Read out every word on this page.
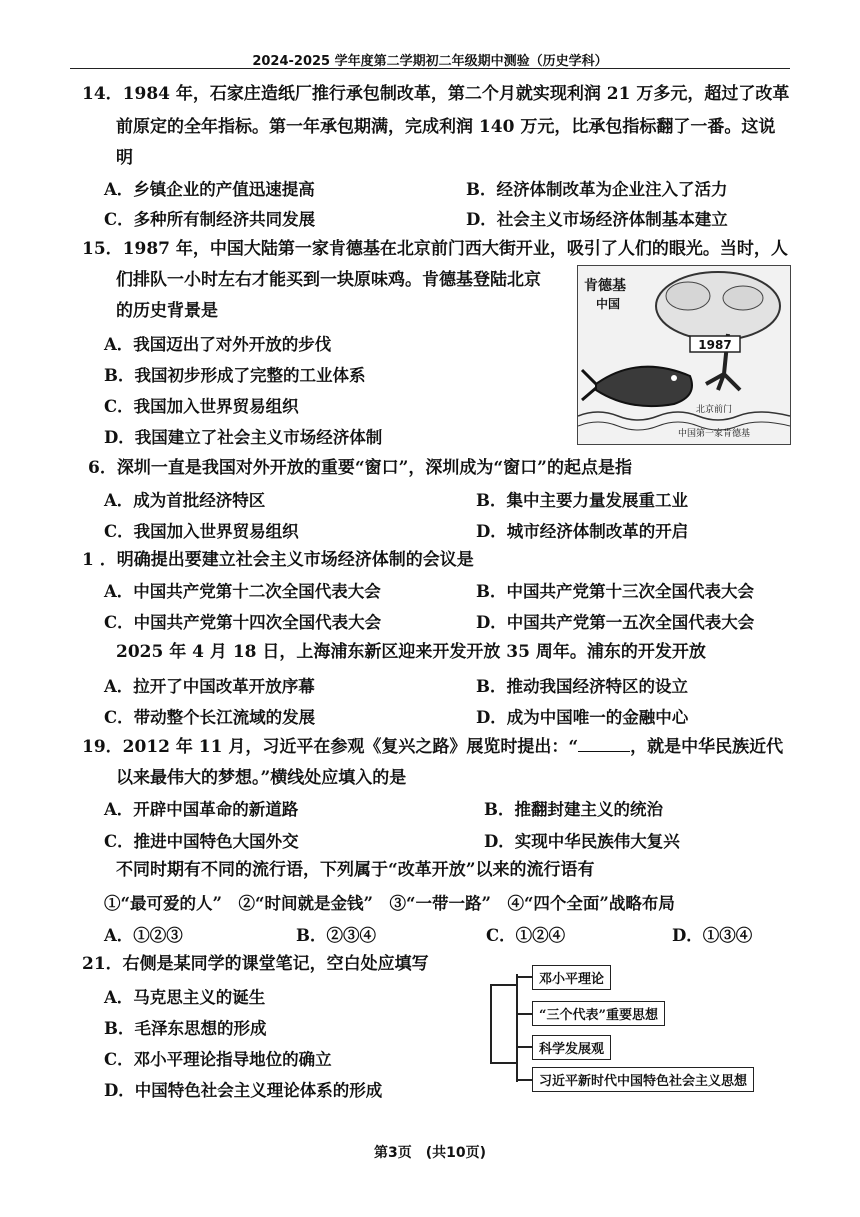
2024-2025 学年度第二学期初二年级期中测验（历史学科）
14．1984 年，石家庄造纸厂推行承包制改革，第二个月就实现利润 21 万多元，超过了改革
前原定的全年指标。第一年承包期满，完成利润 140 万元，比承包指标翻了一番。这说
明
A．乡镇企业的产值迅速提高	B．经济体制改革为企业注入了活力
C．多种所有制经济共同发展	D．社会主义市场经济体制基本建立
15．1987 年，中国大陆第一家肯德基在北京前门西大街开业，吸引了人们的眼光。当时，人
们排队一小时左右才能买到一块原味鸡。肯德基登陆北京
的历史背景是
A．我国迈出了对外开放的步伐
B．我国初步形成了完整的工业体系
C．我国加入世界贸易组织
D．我国建立了社会主义市场经济体制
1987
肯德基
中国
北京前门
中国第一家肯德基
6．深圳一直是我国对外开放的重要“窗口”，深圳成为“窗口”的起点是指
A．成为首批经济特区	B．集中主要力量发展重工业
C．我国加入世界贸易组织	D．城市经济体制改革的开启
1 ．明确提出要建立社会主义市场经济体制的会议是
A．中国共产党第十二次全国代表大会	B．中国共产党第十三次全国代表大会
C．中国共产党第十四次全国代表大会	D．中国共产党第一五次全国代表大会
2025 年 4 月 18 日，上海浦东新区迎来开发开放 35 周年。浦东的开发开放
A．拉开了中国改革开放序幕	B．推动我国经济特区的设立
C．带动整个长江流域的发展	D．成为中国唯一的金融中心
19．2012 年 11 月，习近平在参观《复兴之路》展览时提出：“	，就是中华民族近代
以来最伟大的梦想。”横线处应填入的是
A．开辟中国革命的新道路	B．推翻封建主义的统治
C．推进中国特色大国外交	D．实现中华民族伟大复兴
不同时期有不同的流行语，下列属于“改革开放”以来的流行语有
①“最可爱的人”　②“时间就是金钱”　③“一带一路”　④“四个全面”战略布局
A．①②③	B．②③④	C．①②④	D．①③④
21．右侧是某同学的课堂笔记，空白处应填写
A．马克思主义的诞生
B．毛泽东思想的形成
C．邓小平理论指导地位的确立
D．中国特色社会主义理论体系的形成
邓小平理论
“三个代表”重要思想
科学发展观
习近平新时代中国特色社会主义思想
第3页　(共10页)
